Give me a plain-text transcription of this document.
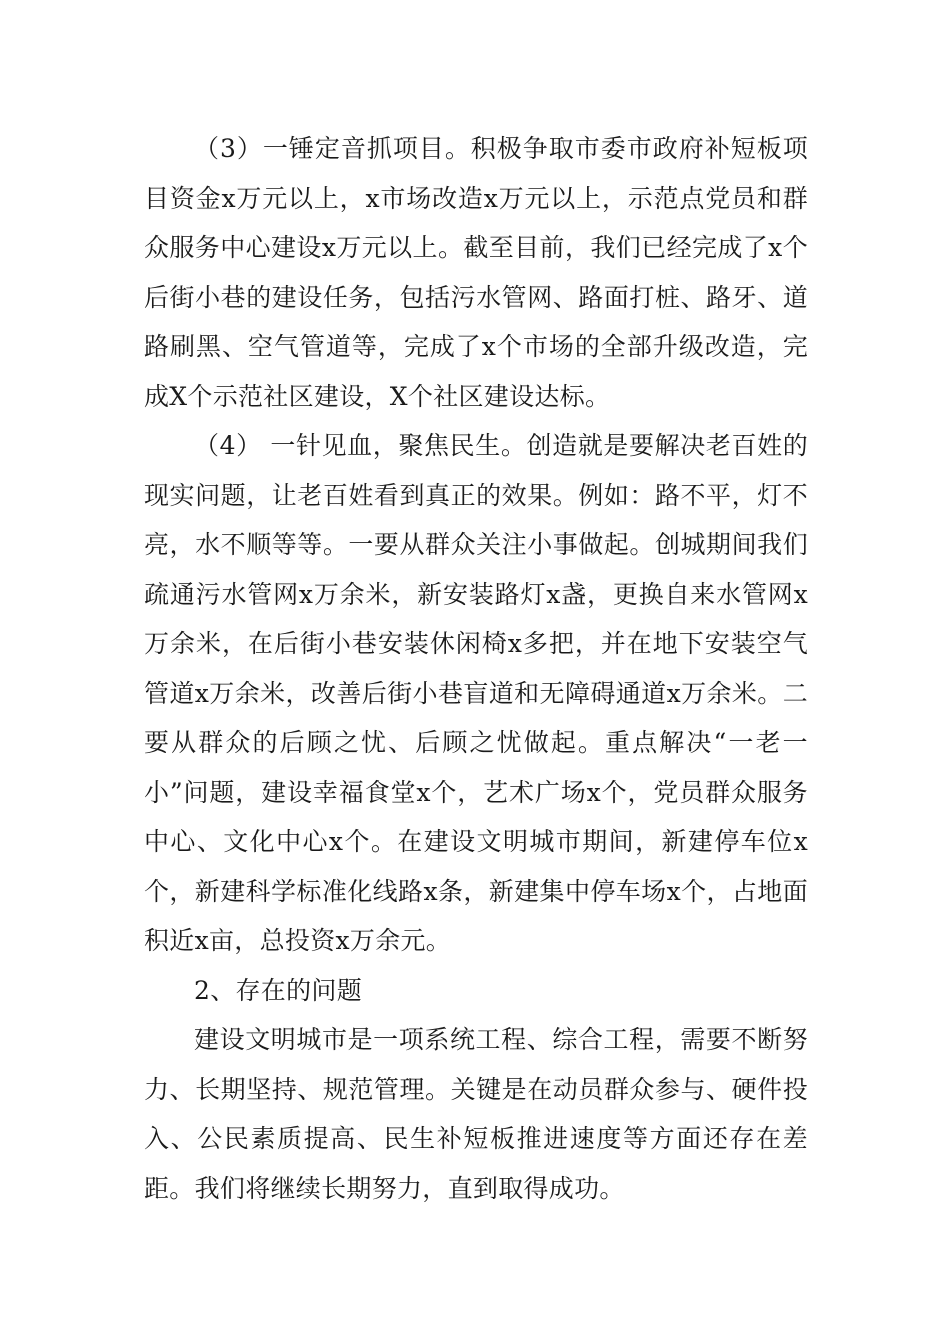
（3）一锤定音抓项目。积极争取市委市政府补短板项目资金x万元以上，x市场改造x万元以上，示范点党员和群众服务中心建设x万元以上。截至目前，我们已经完成了x个后街小巷的建设任务，包括污水管网、路面打桩、路牙、道路刷黑、空气管道等，完成了x个市场的全部升级改造，完成X个示范社区建设，X个社区建设达标。

（4） 一针见血，聚焦民生。创造就是要解决老百姓的现实问题，让老百姓看到真正的效果。例如：路不平，灯不亮，水不顺等等。一要从群众关注小事做起。创城期间我们疏通污水管网x万余米，新安装路灯x盏，更换自来水管网x万余米，在后街小巷安装休闲椅x多把，并在地下安装空气管道x万余米，改善后街小巷盲道和无障碍通道x万余米。二要从群众的后顾之忧、后顾之忧做起。重点解决“一老一小”问题，建设幸福食堂x个，艺术广场x个，党员群众服务中心、文化中心x个。在建设文明城市期间，新建停车位x个，新建科学标准化线路x条，新建集中停车场x个，占地面积近x亩，总投资x万余元。

2、存在的问题

建设文明城市是一项系统工程、综合工程，需要不断努力、长期坚持、规范管理。关键是在动员群众参与、硬件投入、公民素质提高、民生补短板推进速度等方面还存在差距。我们将继续长期努力，直到取得成功。
